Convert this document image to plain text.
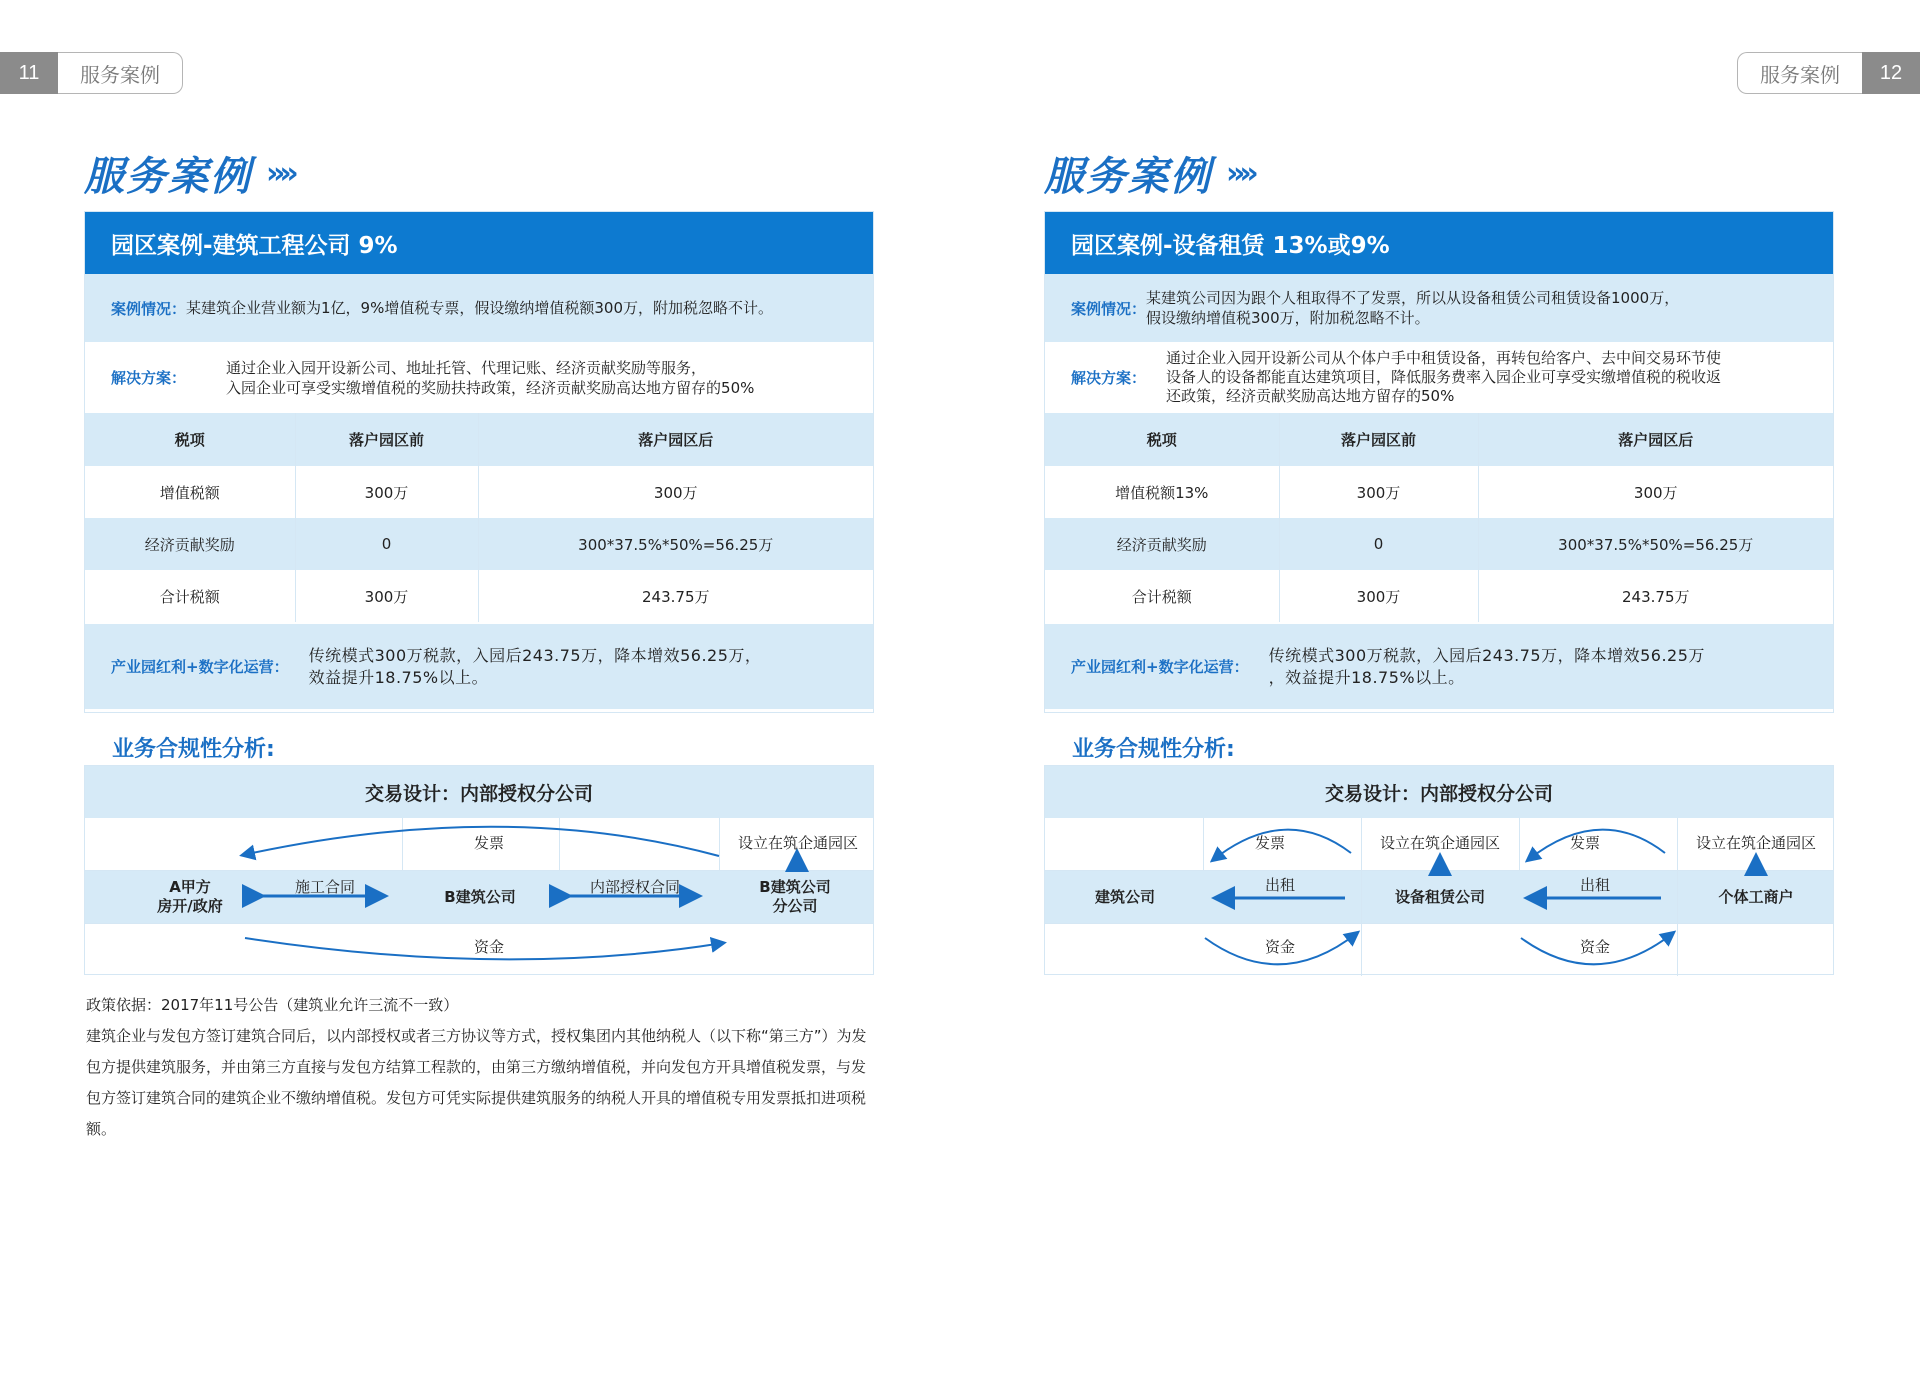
11	服务案例	服务案例	12
服务案例 »»	服务案例 »»
园区案例-建筑工程公司 9%
案例情况： 某建筑企业营业额为1亿，9%增值税专票，假设缴纳增值税额300万，附加税忽略不计。
解决方案：
通过企业入园开设新公司、地址托管、代理记账、经济贡献奖励等服务，
入园企业可享受实缴增值税的奖励扶持政策，经济贡献奖励高达地方留存的50%
税项	落户园区前	落户园区后
增值税额	300万	300万
经济贡献奖励	0	300*37.5%*50%=56.25万
合计税额	300万	243.75万
产业园红利+数字化运营：
传统模式300万税款，入园后243.75万，降本增效56.25万，
效益提升18.75%以上。
业务合规性分析:
交易设计：内部授权分公司
发票	设立在筑企通园区
A甲方
房开/政府
施工合同
B建筑公司
内部授权合同	B建筑公司
分公司
资金
政策依据：2017年11号公告（建筑业允许三流不一致）
建筑企业与发包方签订建筑合同后，以内部授权或者三方协议等方式，授权集团内其他纳税人（以下称“第三方”）为发包方提供建筑服务，并由第三方直接与发包方结算工程款的，由第三方缴纳增值税，并向发包方开具增值税发票，与发包方签订建筑合同的建筑企业不缴纳增值税。发包方可凭实际提供建筑服务的纳税人开具的增值税专用发票抵扣进项税额。
园区案例-设备租赁 13%或9%
案例情况：
某建筑公司因为跟个人租取得不了发票，所以从设备租赁公司租赁设备1000万，
假设缴纳增值税300万，附加税忽略不计。
解决方案：
通过企业入园开设新公司从个体户手中租赁设备，再转包给客户、去中间交易环节使
设备人的设备都能直达建筑项目，降低服务费率入园企业可享受实缴增值税的税收返
还政策，经济贡献奖励高达地方留存的50%
税项	落户园区前	落户园区后
增值税额13%	300万	300万
经济贡献奖励	0	300*37.5%*50%=56.25万
合计税额	300万	243.75万
产业园红利+数字化运营：
传统模式300万税款，入园后243.75万，降本增效56.25万
，效益提升18.75%以上。
业务合规性分析:
交易设计：内部授权分公司
发票	设立在筑企通园区	发票	设立在筑企通园区
建筑公司
出租
设备租赁公司
出租
个体工商户
资金	资金
